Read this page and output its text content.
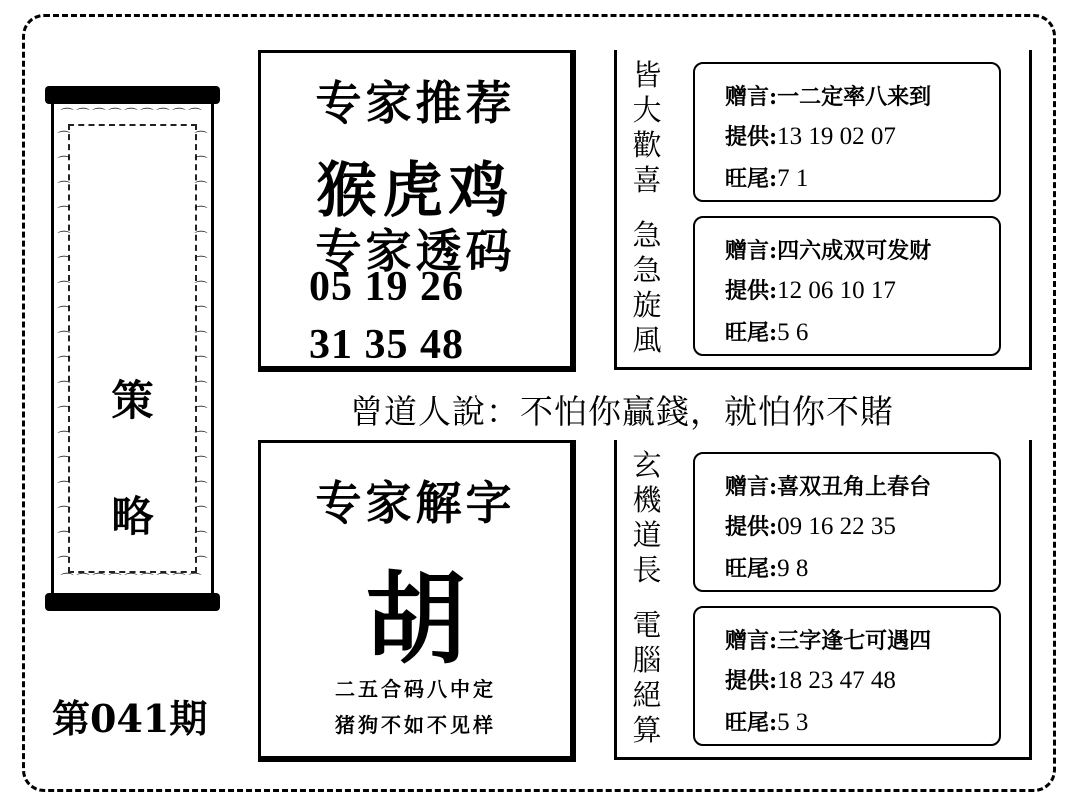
⌒⌒⌒⌒⌒⌒⌒⌒⌒
⌒⌒⌒⌒⌒⌒⌒⌒⌒
⌒⌒⌒⌒⌒⌒⌒⌒⌒⌒⌒⌒⌒⌒⌒⌒⌒⌒
⌒⌒⌒⌒⌒⌒⌒⌒⌒⌒⌒⌒⌒⌒⌒⌒⌒⌒
策
略
第041期
专家推荐
猴虎鸡
专家透码
05 19 26
31 35 48
曾道人說：不怕你贏錢，就怕你不賭
专家解字
胡
二五合码八中定
猪狗不如不见样
皆大歡喜
急急旋風
赠言:一二定率八来到
提供:13 19 02 07
旺尾:7 1
赠言:四六成双可发财
提供:12 06 10 17
旺尾:5 6
玄機道長
電腦絕算
赠言:喜双丑角上春台
提供:09 16 22 35
旺尾:9 8
赠言:三字逢七可遇四
提供:18 23 47 48
旺尾:5 3
